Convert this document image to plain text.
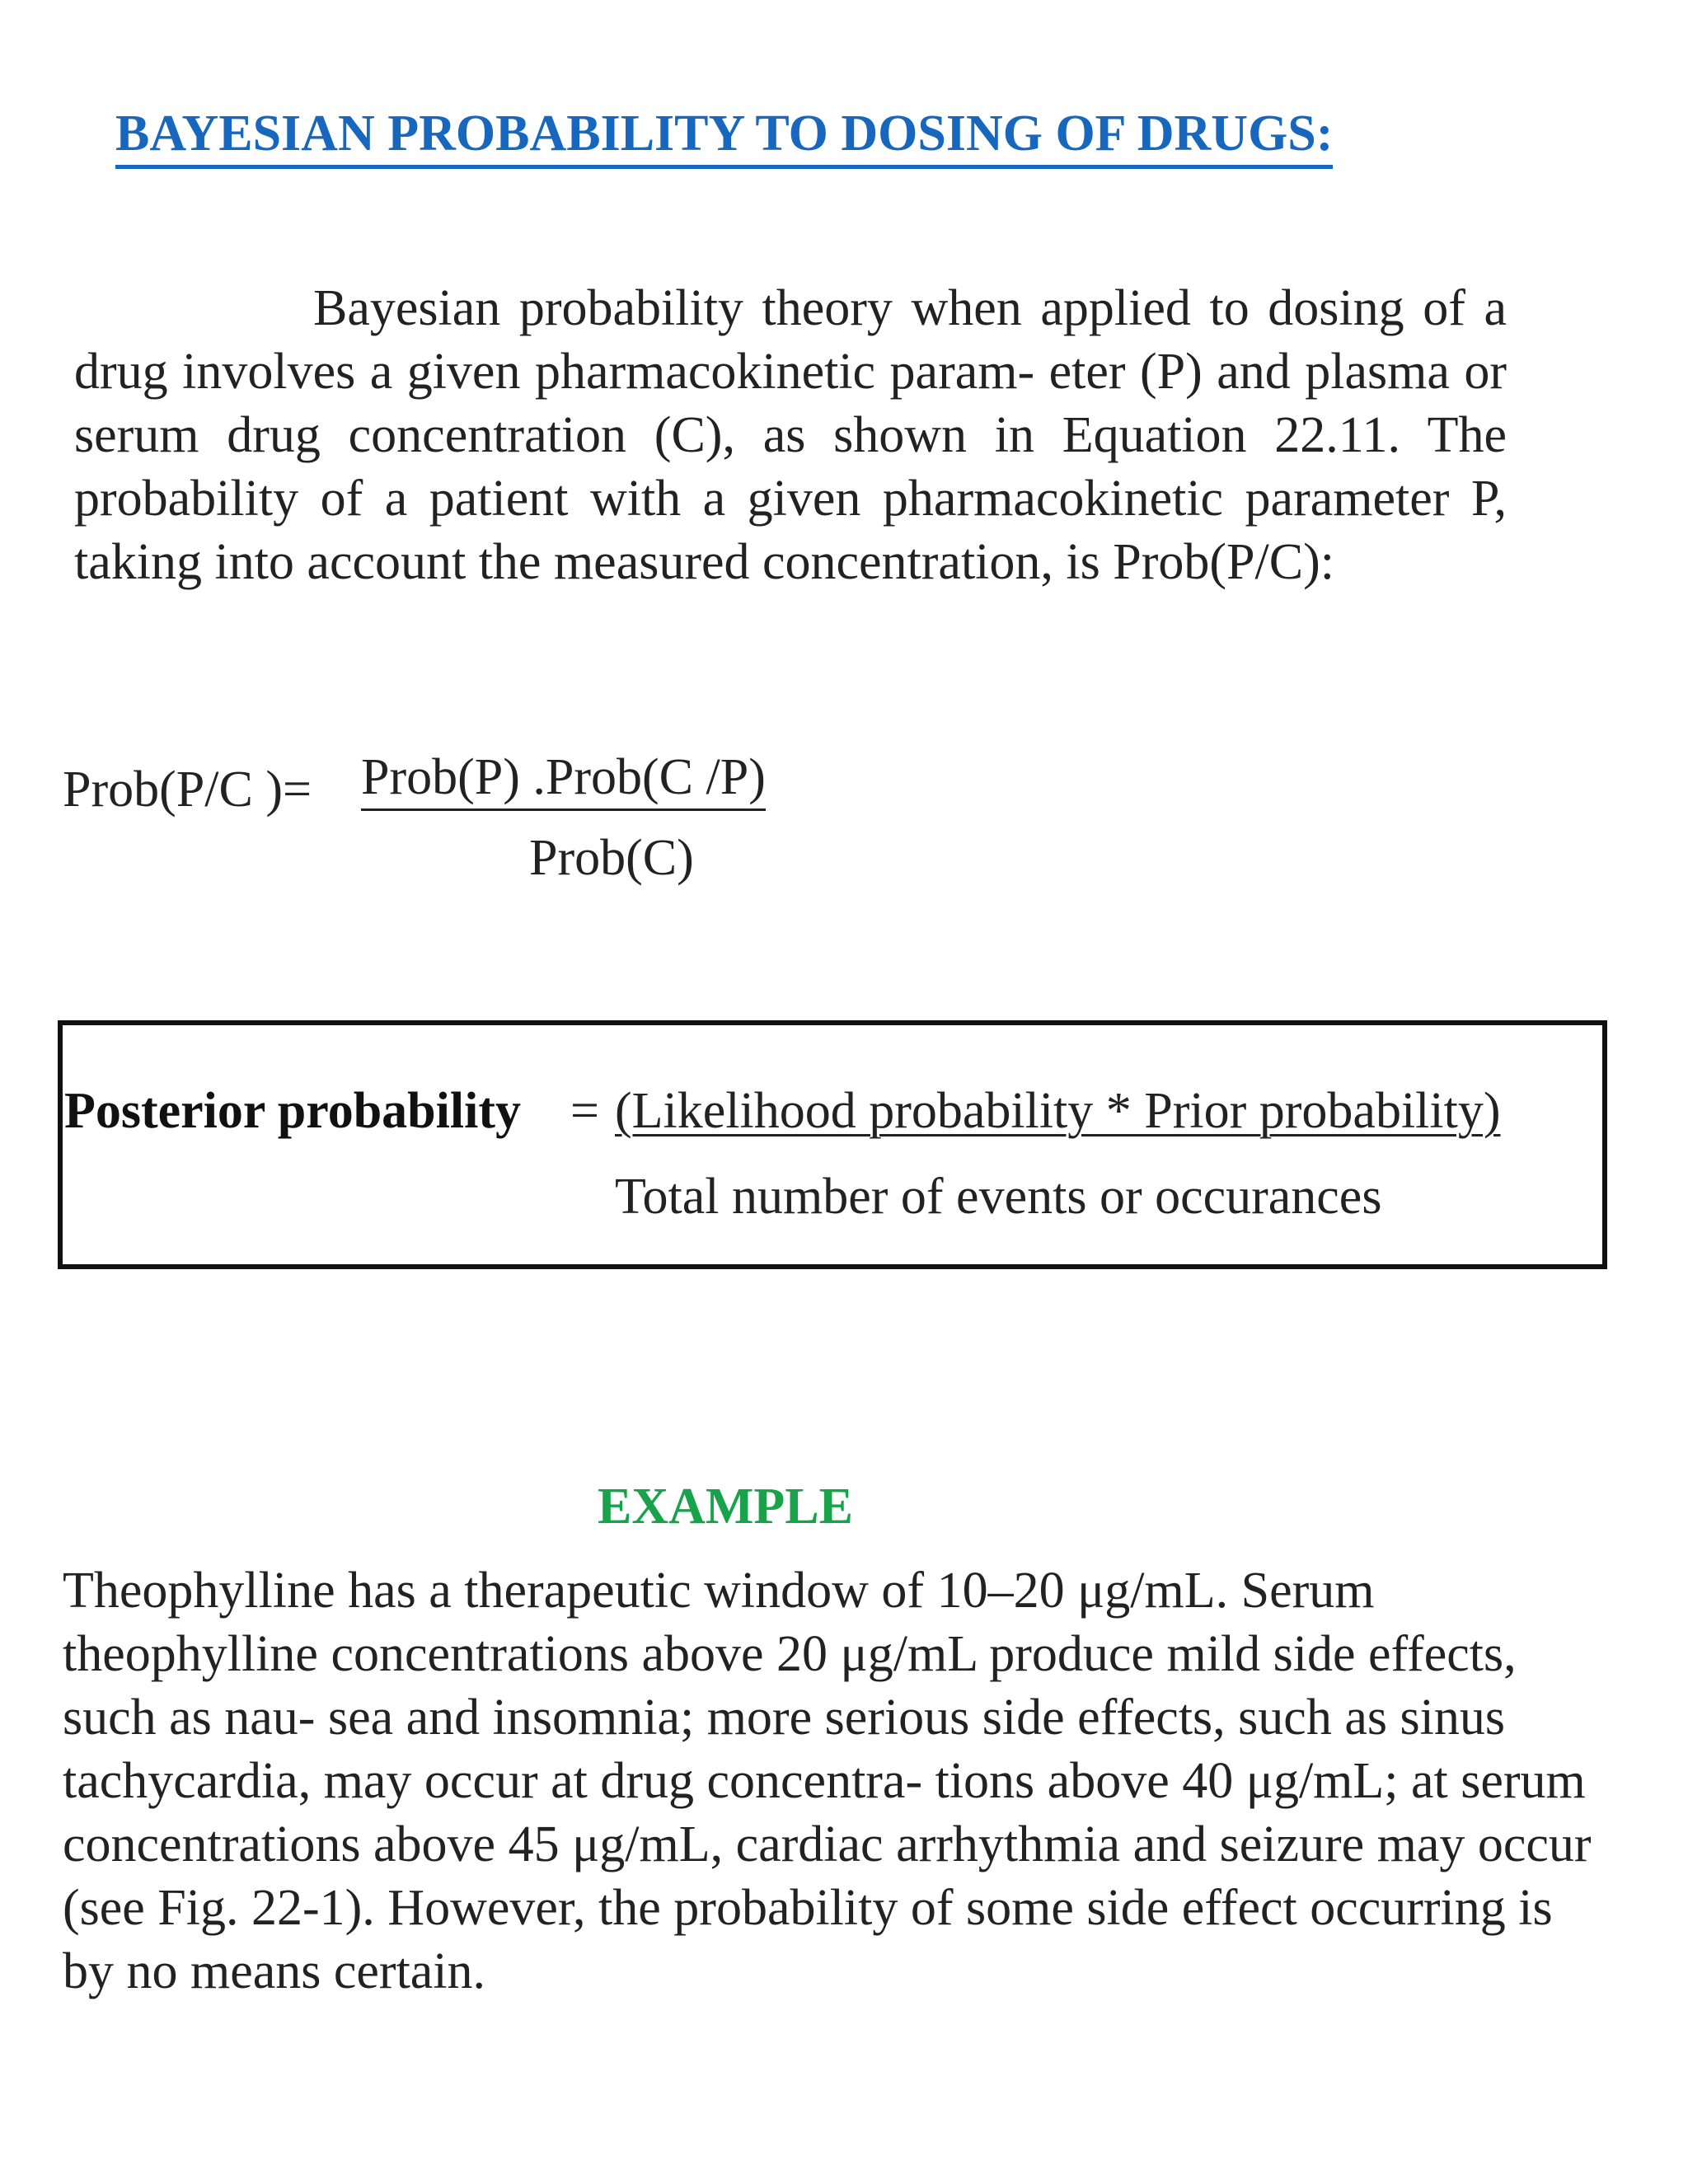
BAYESIAN PROBABILITY TO DOSING OF DRUGS:

Bayesian probability theory when applied to dosing of a drug involves a given pharmacokinetic param- eter (P) and plasma or serum drug concentration (C), as shown in Equation 22.11. The probability of a patient with a given pharmacokinetic parameter P, taking into account the measured concentration, is Prob(P/C):

Prob(P/C )= Prob(P) .Prob(C /P)
Prob(C)
Posterior probability = (Likelihood probability * Prior probability)
Total number of events or occurances
EXAMPLE

Theophylline has a therapeutic window of 10–20 μg/mL. Serum theophylline concentrations above 20 μg/mL produce mild side effects, such as nau- sea and insomnia; more serious side effects, such as sinus tachycardia, may occur at drug concentra- tions above 40 μg/mL; at serum concentrations above 45 μg/mL, cardiac arrhythmia and seizure may occur (see Fig. 22-1). However, the probability of some side effect occurring is by no means certain.
